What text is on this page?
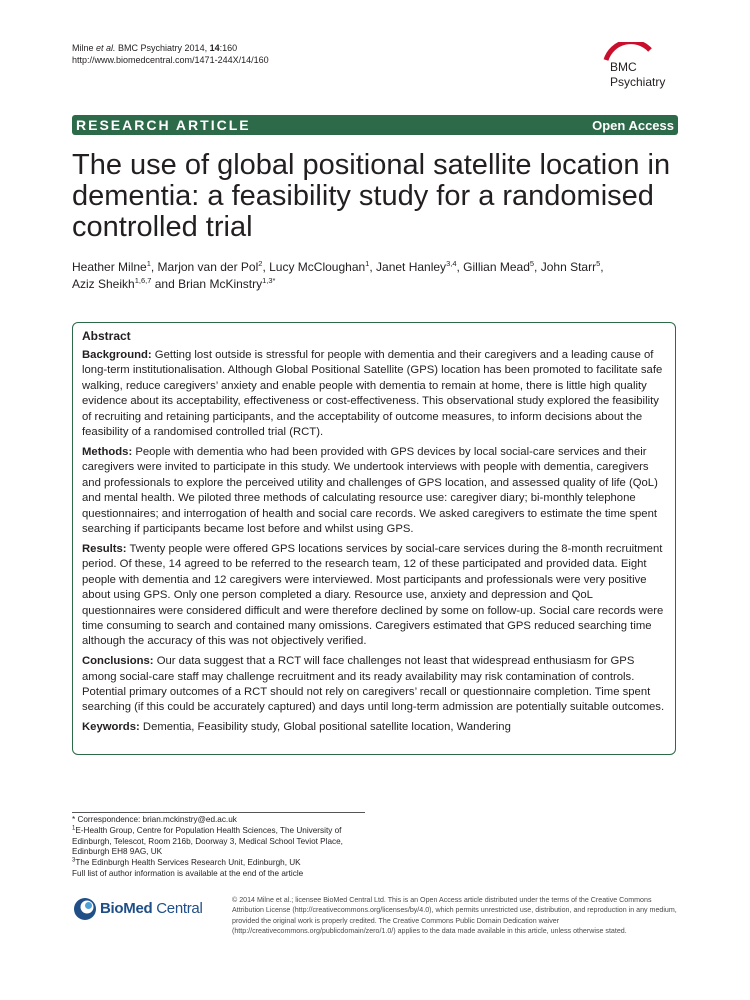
Milne et al. BMC Psychiatry 2014, 14:160
http://www.biomedcentral.com/1471-244X/14/160	BMC
Psychiatry
RESEARCH ARTICLE	Open Access
The use of global positional satellite location in dementia: a feasibility study for a randomised controlled trial
Heather Milne$^1$, Marjon van der Pol$^2$, Lucy McCloughan$^1$, Janet Hanley$^{3,4}$, Gillian Mead$^5$, John Starr$^5$,
Aziz Sheikh$^{1,6,7}$ and Brian McKinstry$^{1,3*}$
Abstract

Background: Getting lost outside is stressful for people with dementia and their caregivers and a leading cause of long-term institutionalisation. Although Global Positional Satellite (GPS) location has been promoted to facilitate safe walking, reduce caregivers’ anxiety and enable people with dementia to remain at home, there is little high quality evidence about its acceptability, effectiveness or cost-effectiveness. This observational study explored the feasibility of recruiting and retaining participants, and the acceptability of outcome measures, to inform decisions about the feasibility of a randomised controlled trial (RCT).

Methods: People with dementia who had been provided with GPS devices by local social-care services and their caregivers were invited to participate in this study. We undertook interviews with people with dementia, caregivers and professionals to explore the perceived utility and challenges of GPS location, and assessed quality of life (QoL) and mental health. We piloted three methods of calculating resource use: caregiver diary; bi-monthly telephone questionnaires; and interrogation of health and social care records. We asked caregivers to estimate the time spent searching if participants became lost before and whilst using GPS.

Results: Twenty people were offered GPS locations services by social-care services during the 8-month recruitment period. Of these, 14 agreed to be referred to the research team, 12 of these participated and provided data. Eight people with dementia and 12 caregivers were interviewed. Most participants and professionals were very positive about using GPS. Only one person completed a diary. Resource use, anxiety and depression and QoL questionnaires were considered difficult and were therefore declined by some on follow-up. Social care records were time consuming to search and contained many omissions. Caregivers estimated that GPS reduced searching time although the accuracy of this was not objectively verified.

Conclusions: Our data suggest that a RCT will face challenges not least that widespread enthusiasm for GPS among social-care staff may challenge recruitment and its ready availability may risk contamination of controls. Potential primary outcomes of a RCT should not rely on caregivers’ recall or questionnaire completion. Time spent searching (if this could be accurately captured) and days until long-term admission are potentially suitable outcomes.

Keywords: Dementia, Feasibility study, Global positional satellite location, Wandering

* Correspondence: brian.mckinstry@ed.ac.uk
$^1$E-Health Group, Centre for Population Health Sciences, The University of Edinburgh, Telescot, Room 216b, Doorway 3, Medical School Teviot Place, Edinburgh EH8 9AG, UK
$^3$The Edinburgh Health Services Research Unit, Edinburgh, UK
Full list of author information is available at the end of the article
BioMed Central	© 2014 Milne et al.; licensee BioMed Central Ltd. This is an Open Access article distributed under the terms of the Creative Commons Attribution License (http://creativecommons.org/licenses/by/4.0), which permits unrestricted use, distribution, and reproduction in any medium, provided the original work is properly credited. The Creative Commons Public Domain Dedication waiver (http://creativecommons.org/publicdomain/zero/1.0/) applies to the data made available in this article, unless otherwise stated.
